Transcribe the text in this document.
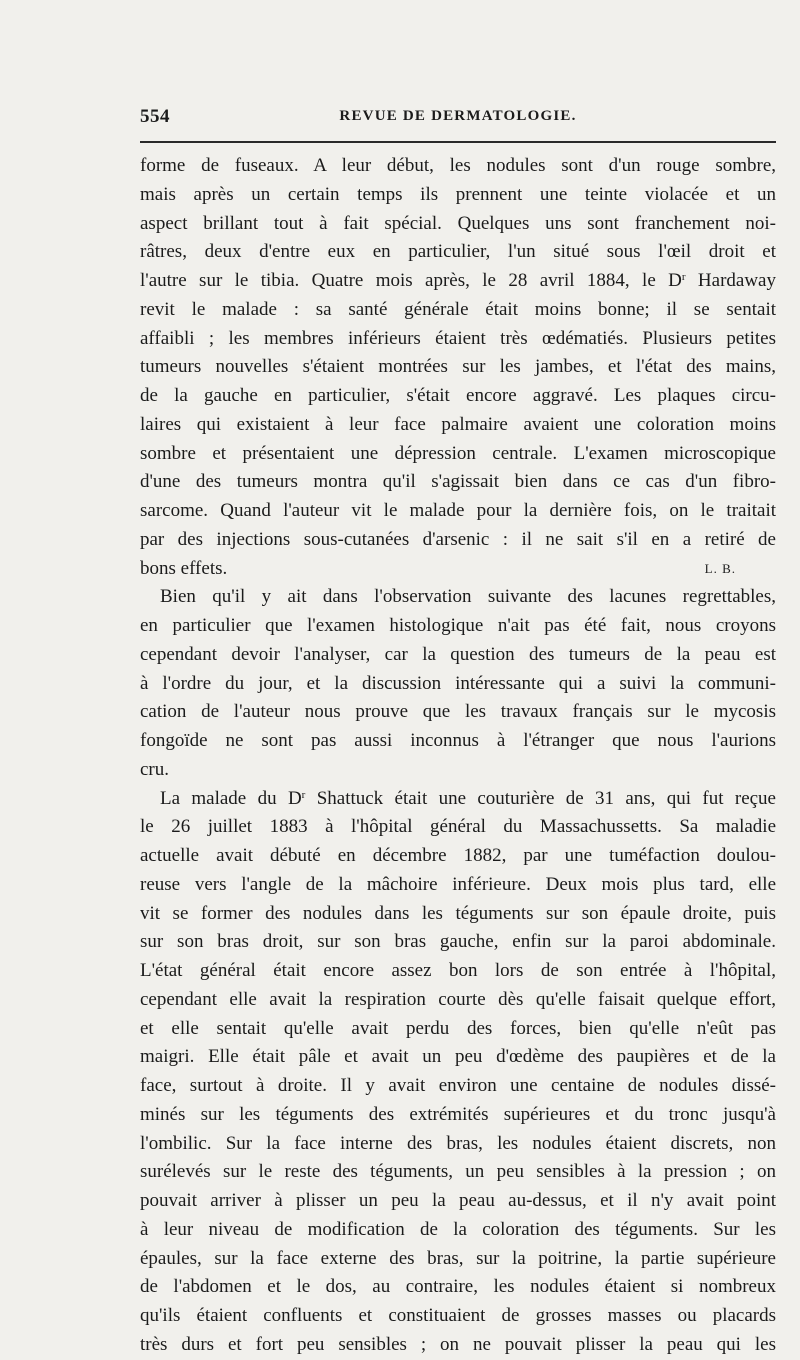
554	REVUE DE DERMATOLOGIE.
forme de fuseaux. A leur début, les nodules sont d'un rouge sombre,
mais après un certain temps ils prennent une teinte violacée et un
aspect brillant tout à fait spécial. Quelques uns sont franchement noi-
râtres, deux d'entre eux en particulier, l'un situé sous l'œil droit et
l'autre sur le tibia. Quatre mois après, le 28 avril 1884, le $D^r$ Hardaway
revit le malade : sa santé générale était moins bonne; il se sentait
affaibli ; les membres inférieurs étaient très œdématiés. Plusieurs petites
tumeurs nouvelles s'étaient montrées sur les jambes, et l'état des mains,
de la gauche en particulier, s'était encore aggravé. Les plaques circu-
laires qui existaient à leur face palmaire avaient une coloration moins
sombre et présentaient une dépression centrale. L'examen microscopique
d'une des tumeurs montra qu'il s'agissait bien dans ce cas d'un fibro-
sarcome. Quand l'auteur vit le malade pour la dernière fois, on le traitait
par des injections sous-cutanées d'arsenic : il ne sait s'il en a retiré de
bons effets.	L. B.
Bien qu'il y ait dans l'observation suivante des lacunes regrettables,
en particulier que l'examen histologique n'ait pas été fait, nous croyons
cependant devoir l'analyser, car la question des tumeurs de la peau est
à l'ordre du jour, et la discussion intéressante qui a suivi la communi-
cation de l'auteur nous prouve que les travaux français sur le mycosis
fongoïde ne sont pas aussi inconnus à l'étranger que nous l'aurions
cru.
La malade du $D^r$ Shattuck était une couturière de 31 ans, qui fut reçue
le 26 juillet 1883 à l'hôpital général du Massachussetts. Sa maladie
actuelle avait débuté en décembre 1882, par une tuméfaction doulou-
reuse vers l'angle de la mâchoire inférieure. Deux mois plus tard, elle
vit se former des nodules dans les téguments sur son épaule droite, puis
sur son bras droit, sur son bras gauche, enfin sur la paroi abdominale.
L'état général était encore assez bon lors de son entrée à l'hôpital,
cependant elle avait la respiration courte dès qu'elle faisait quelque effort,
et elle sentait qu'elle avait perdu des forces, bien qu'elle n'eût pas
maigri. Elle était pâle et avait un peu d'œdème des paupières et de la
face, surtout à droite. Il y avait environ une centaine de nodules dissé-
minés sur les téguments des extrémités supérieures et du tronc jusqu'à
l'ombilic. Sur la face interne des bras, les nodules étaient discrets, non
surélevés sur le reste des téguments, un peu sensibles à la pression ; on
pouvait arriver à plisser un peu la peau au-dessus, et il n'y avait point
à leur niveau de modification de la coloration des téguments. Sur les
épaules, sur la face externe des bras, sur la poitrine, la partie supérieure
de l'abdomen et le dos, au contraire, les nodules étaient si nombreux
qu'ils étaient confluents et constituaient de grosses masses ou placards
très durs et fort peu sensibles ; on ne pouvait plisser la peau qui les
